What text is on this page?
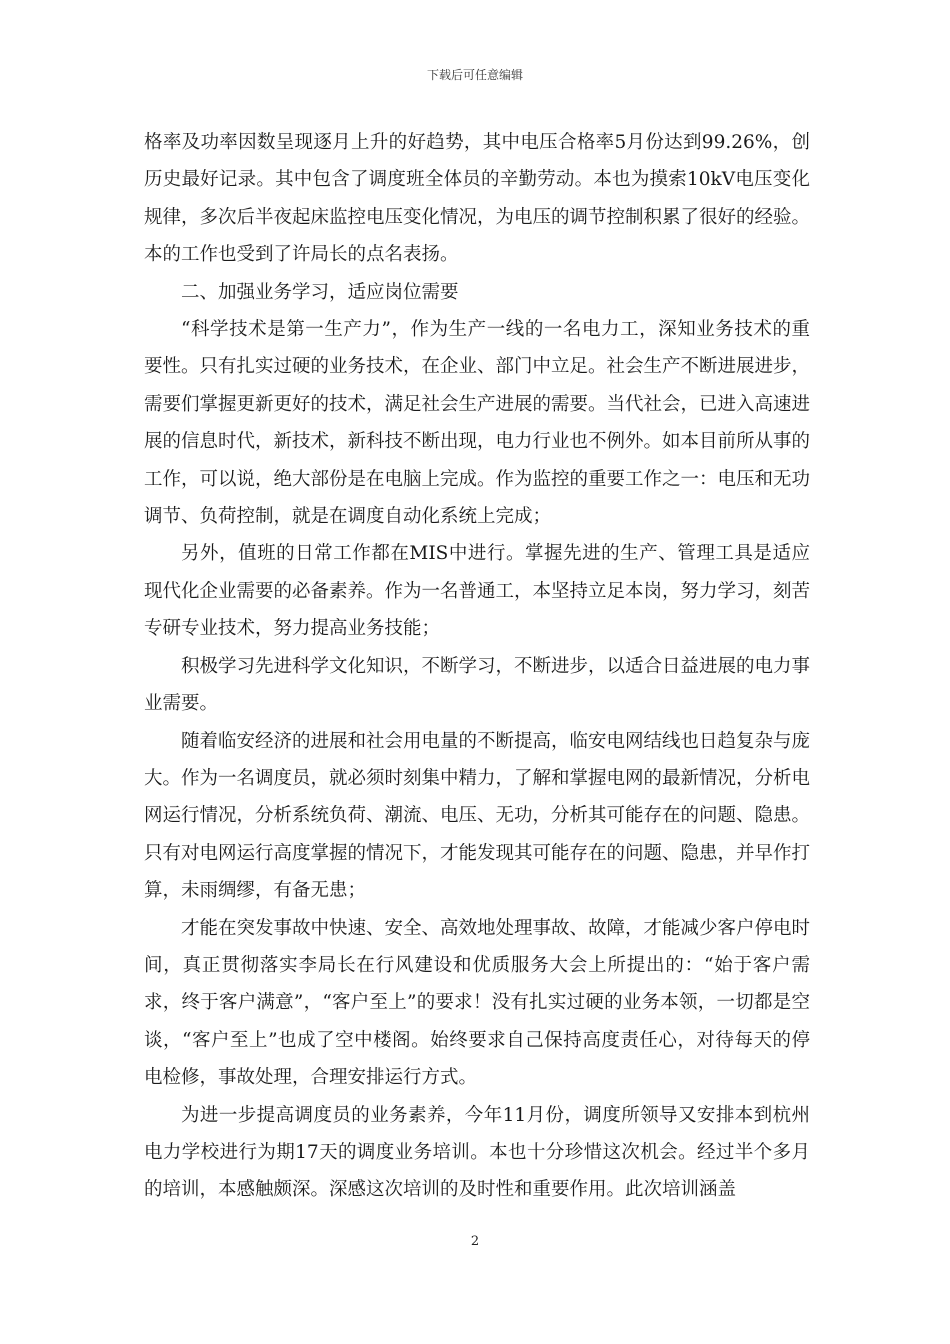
下载后可任意编辑

格率及功率因数呈现逐月上升的好趋势，其中电压合格率5月份达到99.26%，创历史最好记录。其中包含了调度班全体员的辛勤劳动。本也为摸索10kV电压变化规律，多次后半夜起床监控电压变化情况，为电压的调节控制积累了很好的经验。本的工作也受到了许局长的点名表扬。

二、加强业务学习，适应岗位需要

“科学技术是第一生产力”，作为生产一线的一名电力工，深知业务技术的重要性。只有扎实过硬的业务技术，在企业、部门中立足。社会生产不断进展进步，需要们掌握更新更好的技术，满足社会生产进展的需要。当代社会，已进入高速进展的信息时代，新技术，新科技不断出现，电力行业也不例外。如本目前所从事的工作，可以说，绝大部份是在电脑上完成。作为监控的重要工作之一：电压和无功调节、负荷控制，就是在调度自动化系统上完成；

另外，值班的日常工作都在MIS中进行。掌握先进的生产、管理工具是适应现代化企业需要的必备素养。作为一名普通工，本坚持立足本岗，努力学习，刻苦专研专业技术，努力提高业务技能；

积极学习先进科学文化知识，不断学习，不断进步，以适合日益进展的电力事业需要。

随着临安经济的进展和社会用电量的不断提高，临安电网结线也日趋复杂与庞大。作为一名调度员，就必须时刻集中精力，了解和掌握电网的最新情况，分析电网运行情况，分析系统负荷、潮流、电压、无功，分析其可能存在的问题、隐患。只有对电网运行高度掌握的情况下，才能发现其可能存在的问题、隐患，并早作打算，未雨绸缪，有备无患；

才能在突发事故中快速、安全、高效地处理事故、故障，才能减少客户停电时间，真正贯彻落实李局长在行风建设和优质服务大会上所提出的：“始于客户需求，终于客户满意”，“客户至上”的要求！没有扎实过硬的业务本领，一切都是空谈，“客户至上”也成了空中楼阁。始终要求自己保持高度责任心，对待每天的停电检修，事故处理，合理安排运行方式。

为进一步提高调度员的业务素养，今年11月份，调度所领导又安排本到杭州电力学校进行为期17天的调度业务培训。本也十分珍惜这次机会。经过半个多月的培训，本感触颇深。深感这次培训的及时性和重要作用。此次培训涵盖

2
